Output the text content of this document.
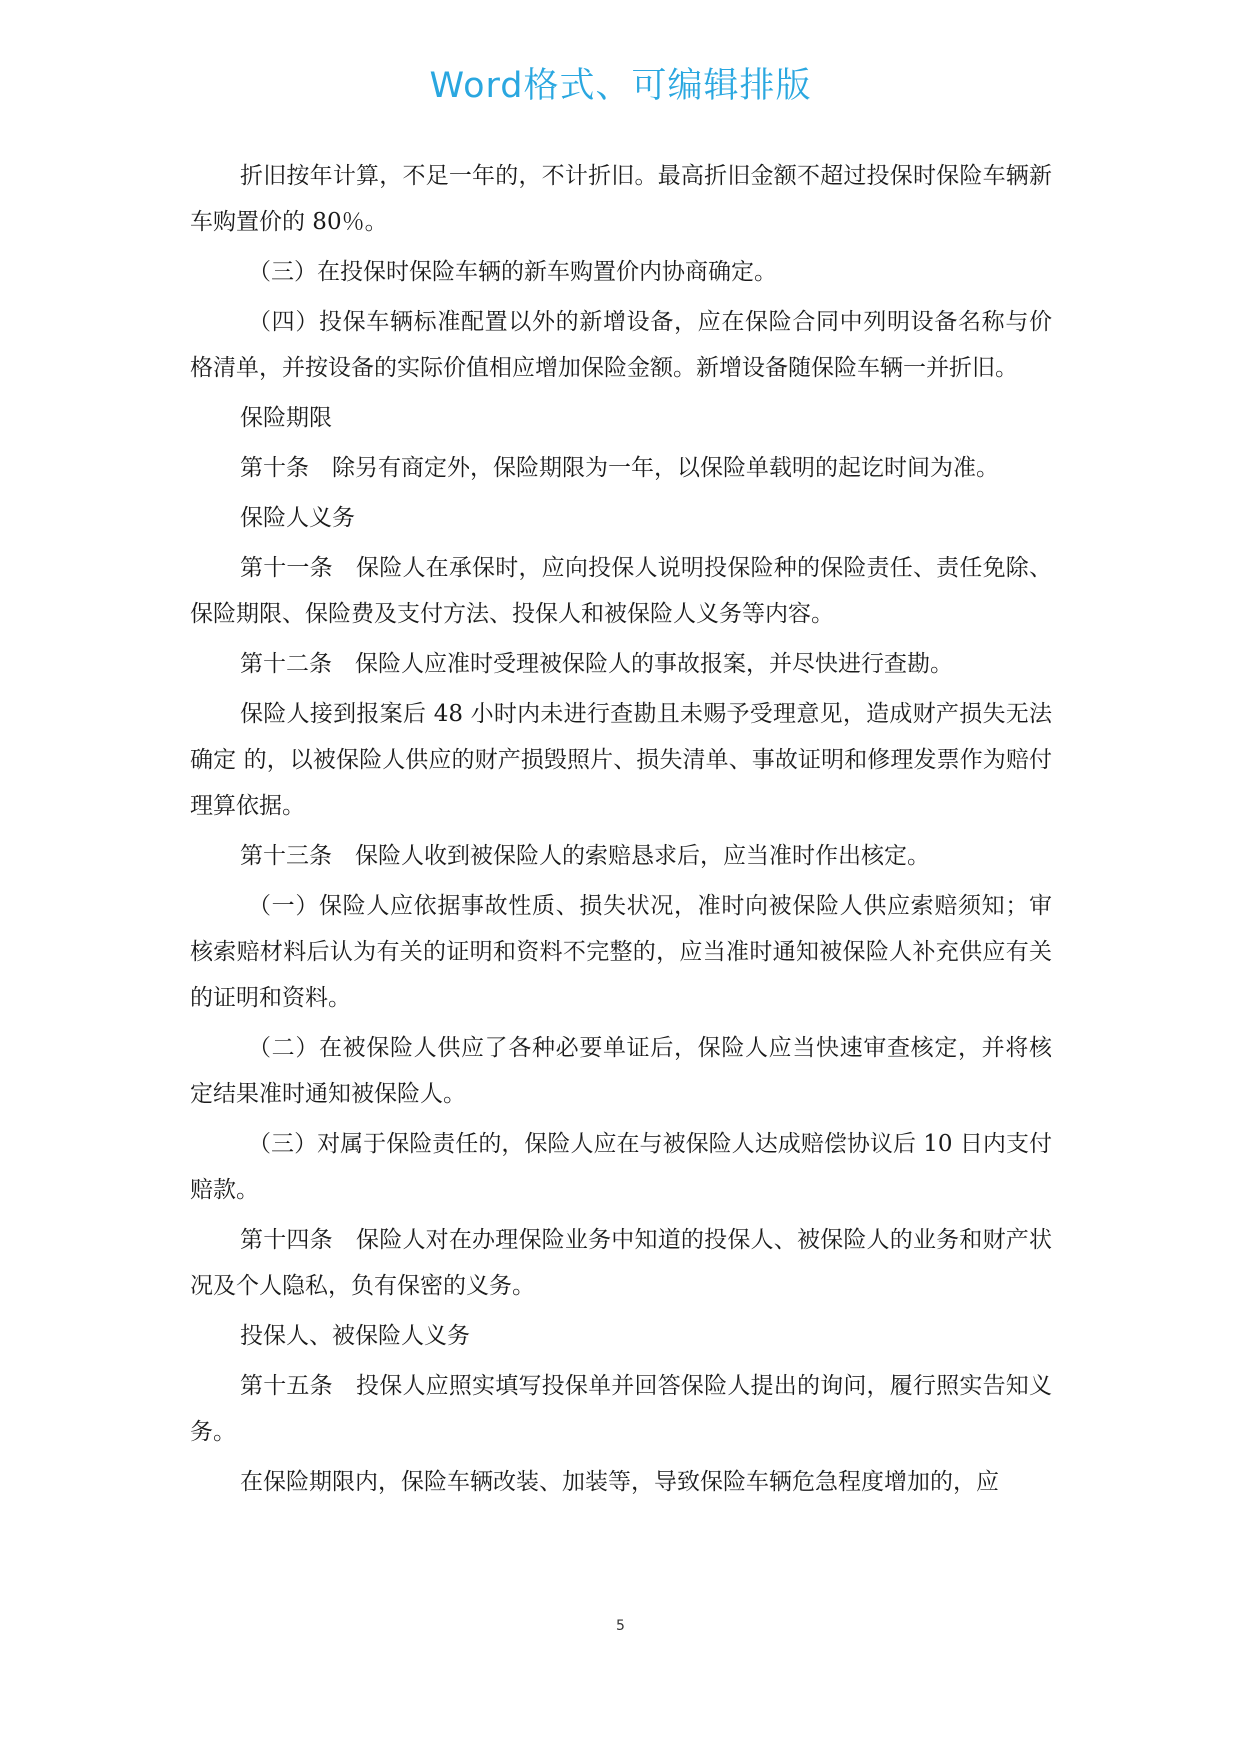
Word格式、可编辑排版

折旧按年计算，不足一年的，不计折旧。最高折旧金额不超过投保时保险车辆新车购置价的 80％。

（三）在投保时保险车辆的新车购置价内协商确定。

（四）投保车辆标准配置以外的新增设备，应在保险合同中列明设备名称与价格清单，并按设备的实际价值相应增加保险金额。新增设备随保险车辆一并折旧。

保险期限

第十条　除另有商定外，保险期限为一年，以保险单载明的起讫时间为准。

保险人义务

第十一条　保险人在承保时，应向投保人说明投保险种的保险责任、责任免除、保险期限、保险费及支付方法、投保人和被保险人义务等内容。

第十二条　保险人应准时受理被保险人的事故报案，并尽快进行查勘。

保险人接到报案后 48 小时内未进行查勘且未赐予受理意见，造成财产损失无法确定 的，以被保险人供应的财产损毁照片、损失清单、事故证明和修理发票作为赔付理算依据。

第十三条　保险人收到被保险人的索赔恳求后，应当准时作出核定。

（一）保险人应依据事故性质、损失状况，准时向被保险人供应索赔须知；审核索赔材料后认为有关的证明和资料不完整的，应当准时通知被保险人补充供应有关的证明和资料。

（二）在被保险人供应了各种必要单证后，保险人应当快速审查核定，并将核定结果准时通知被保险人。

（三）对属于保险责任的，保险人应在与被保险人达成赔偿协议后 10 日内支付赔款。

第十四条　保险人对在办理保险业务中知道的投保人、被保险人的业务和财产状况及个人隐私，负有保密的义务。

投保人、被保险人义务

第十五条　投保人应照实填写投保单并回答保险人提出的询问，履行照实告知义务。

在保险期限内，保险车辆改装、加装等，导致保险车辆危急程度增加的，应

5
